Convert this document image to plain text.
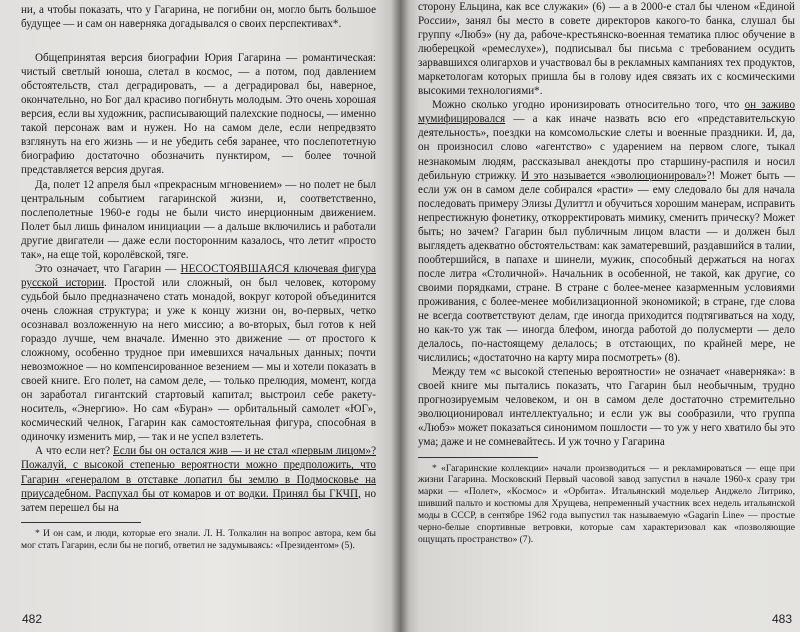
ни, а чтобы показать, что у Гагарина, не погибни он, могло быть большое будущее — и сам он наверняка догадывался о своих перспективах*.

Общепринятая версия биографии Юрия Гагарина — романтическая: чистый светлый юноша, слетал в космос, — а потом, под давлением обстоятельств, стал деградировать, — а деградировал бы, наверное, окончательно, но Бог дал красиво погибнуть молодым. Это очень хорошая версия, если вы художник, расписывающий палехские подносы, — именно такой персонаж вам и нужен. Но на самом деле, если непредвзято взглянуть на его жизнь — и не убедить себя заранее, что послепотетную биографию достаточно обозначить пунктиром, — более точной представляется версия другая.

Да, полет 12 апреля был «прекрасным мгновением» — но полет не был центральным событием гагаринской жизни, и, соответственно, послеполетные 1960-е годы не были чисто инерционным движением. Полет был лишь финалом инициации — а дальше включились и работали другие двигатели — даже если посторонним казалось, что летит «просто так», на еще той, королёвской, тяге.

Это означает, что Гагарин — НЕСОСТОЯВШАЯСЯ ключевая фигура русской истории. Простой или сложный, он был человек, которому судьбой было предназначено стать монадой, вокруг которой объединится очень сложная структура; и уже к концу жизни он, во-первых, четко осознавал возложенную на него миссию; а во-вторых, был готов к ней гораздо лучше, чем вначале. Именно это движение — от простого к сложному, особенно трудное при имевшихся начальных данных; почти невозможное — но компенсированное везением — мы и хотели показать в своей книге. Его полет, на самом деле, — только прелюдия, момент, когда он заработал гигантский стартовый капитал; выстроил себе ракету-носитель, «Энергию». Но сам «Буран» — орбитальный самолет «ЮГ», космический челнок, Гагарин как самостоятельная фигура, способная в одиночку изменить мир, — так и не успел взлететь.

А что если нет? Если бы он остался жив — и не стал «первым лицом»? Пожалуй, с высокой степенью вероятности можно предположить, что Гагарин «генералом в отставке лопатил бы землю в Подмосковье на приусадебном. Распухал бы от комаров и от водки. Принял бы ГКЧП, но затем перешел бы на

* И он сам, и люди, которые его знали. Л. Н. Толкалин на вопрос автора, кем бы мог стать Гагарин, если бы не погиб, ответил не задумываясь: «Президентом» (5).

482

сторону Ельцина, как все служаки» (6) — а в 2000-е стал бы членом «Единой России», занял бы место в совете директоров какого-то банка, слушал бы группу «Любэ» (ну да, рабоче-крестьянско-военная тематика плюс обучение в люберецкой «ремеслухе»), подписывал бы письма с требованием осудить зарвавшихся олигархов и участвовал бы в рекламных кампаниях тех продуктов, маркетологам которых пришла бы в голову идея связать их с космическими высокими технологиями*.

Можно сколько угодно иронизировать относительно того, что он заживо мумифицировался — а как иначе назвать всю его «представительскую деятельность», поездки на комсомольские слеты и военные праздники. И, да, он произносил слово «агентство» с ударением на первом слоге, тыкал незнакомым людям, рассказывал анекдоты про старшину-распиля и носил дебильную стрижку. И это называется «эволюционировал»?! Может быть — если уж он в самом деле собирался «расти» — ему следовало бы для начала последовать примеру Элизы Дулиттл и обучиться хорошим манерам, исправить непрестижную фонетику, откорректировать мимику, сменить прическу? Может быть; но зачем? Гагарин был публичным лицом власти — и должен был выглядеть адекватно обстоятельствам: как заматеревший, раздавшийся в талии, пообтершийся, в папахе и шинели, мужик, способный держаться на ногах после литра «Столичной». Начальник в особенной, не такой, как другие, со своими порядками, стране. В стране с более-менее казарменным условиями проживания, с более-менее мобилизационной экономикой; в стране, где слова не всегда соответствуют делам, где иногда приходится подтягиваться на ходу, но как-то уж так — иногда блефом, иногда работой до полусмерти — дело делалось, по-настоящему делалось; в отстающих, по крайней мере, не числились; «достаточно на карту мира посмотреть» (8).

Между тем «с высокой степенью вероятности» не означает «наверняка»: в своей книге мы пытались показать, что Гагарин был необычным, трудно прогнозируемым человеком, и он в самом деле достаточно стремительно эволюционировал интеллектуально; и если уж вы сообразили, что группа «Любэ» может показаться синонимом пошлости — то уж у него хватило бы это ума; даже и не сомневайтесь. И уж точно у Гагарина

* «Гагаринские коллекции» начали производиться — и рекламироваться — еще при жизни Гагарина. Московский Первый часовой завод запустил в начале 1960-х сразу три марки — «Полет», «Космос» и «Орбита». Итальянский модельер Анджело Литрико, шивший пальто и костюмы для Хрущева, непременный участник всех недель итальянской моды в СССР, в сентябре 1962 года выпустил так называемую «Gagarin Line» — простые черно-белые спортивные ветровки, которые сам характеризовал как «позволяющие ощущать пространство» (7).

483
